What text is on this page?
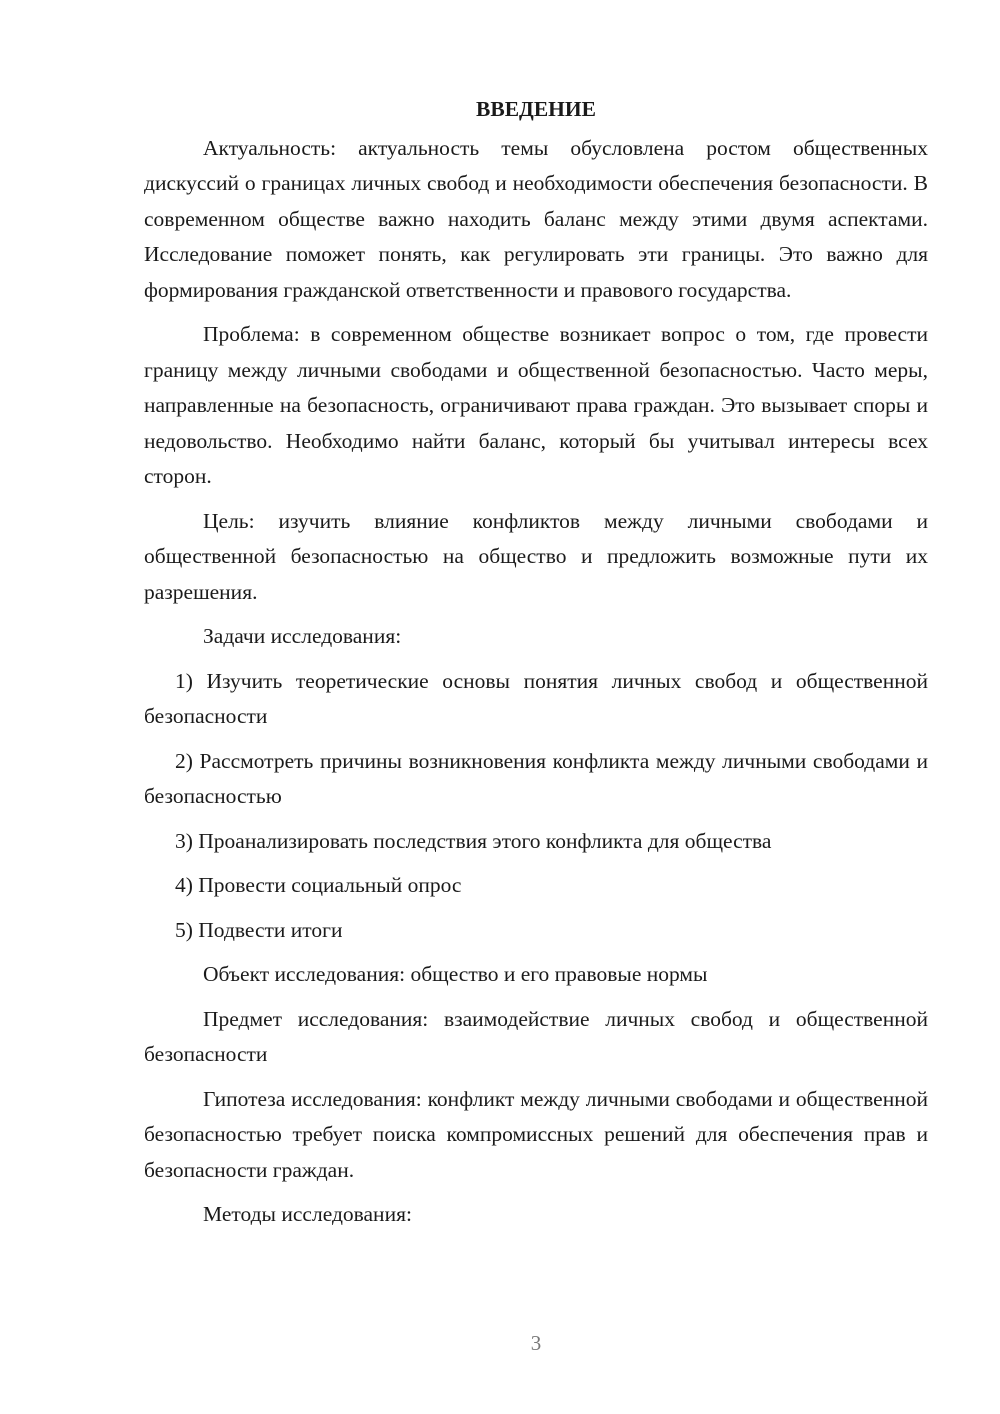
ВВЕДЕНИЕ

Актуальность: актуальность темы обусловлена ростом общественных дискуссий о границах личных свобод и необходимости обеспечения безопасности. В современном обществе важно находить баланс между этими двумя аспектами. Исследование поможет понять, как регулировать эти границы. Это важно для формирования гражданской ответственности и правового государства.

Проблема: в современном обществе возникает вопрос о том, где провести границу между личными свободами и общественной безопасностью. Часто меры, направленные на безопасность, ограничивают права граждан. Это вызывает споры и недовольство. Необходимо найти баланс, который бы учитывал интересы всех сторон.

Цель: изучить влияние конфликтов между личными свободами и общественной безопасностью на общество и предложить возможные пути их разрешения.

Задачи исследования:

1) Изучить теоретические основы понятия личных свобод и общественной безопасности

2) Рассмотреть причины возникновения конфликта между личными свободами и безопасностью

3) Проанализировать последствия этого конфликта для общества

4) Провести социальный опрос

5) Подвести итоги

Объект исследования: общество и его правовые нормы

Предмет исследования: взаимодействие личных свобод и общественной безопасности

Гипотеза исследования: конфликт между личными свободами и общественной безопасностью требует поиска компромиссных решений для обеспечения прав и безопасности граждан.

Методы исследования:

3
